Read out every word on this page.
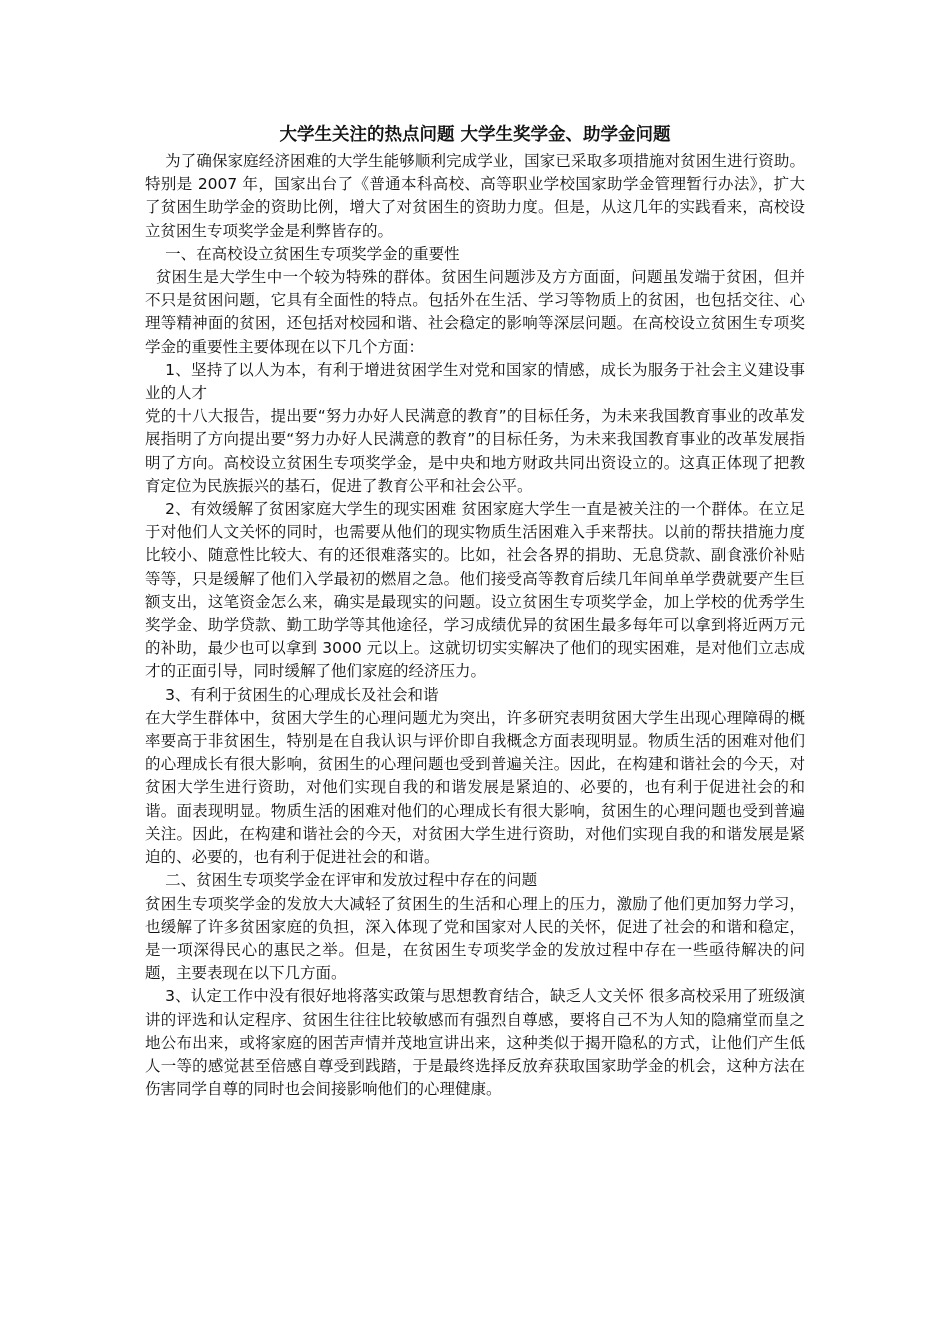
大学生关注的热点问题 大学生奖学金、助学金问题

为了确保家庭经济困难的大学生能够顺利完成学业，国家已采取多项措施对贫困生进行资助。特别是 2007 年，国家出台了《普通本科高校、高等职业学校国家助学金管理暂行办法》，扩大了贫困生助学金的资助比例，增大了对贫困生的资助力度。但是，从这几年的实践看来，高校设立贫困生专项奖学金是利弊皆存的。

一、在高校设立贫困生专项奖学金的重要性

贫困生是大学生中一个较为特殊的群体。贫困生问题涉及方方面面，问题虽发端于贫困，但并不只是贫困问题，它具有全面性的特点。包括外在生活、学习等物质上的贫困，也包括交往、心理等精神面的贫困，还包括对校园和谐、社会稳定的影响等深层问题。在高校设立贫困生专项奖学金的重要性主要体现在以下几个方面：

1、坚持了以人为本，有利于增进贫困学生对党和国家的情感，成长为服务于社会主义建设事业的人才

党的十八大报告，提出要“努力办好人民满意的教育”的目标任务，为未来我国教育事业的改革发展指明了方向提出要“努力办好人民满意的教育”的目标任务，为未来我国教育事业的改革发展指明了方向。高校设立贫困生专项奖学金，是中央和地方财政共同出资设立的。这真正体现了把教育定位为民族振兴的基石，促进了教育公平和社会公平。

2、有效缓解了贫困家庭大学生的现实困难 贫困家庭大学生一直是被关注的一个群体。在立足于对他们人文关怀的同时，也需要从他们的现实物质生活困难入手来帮扶。以前的帮扶措施力度比较小、随意性比较大、有的还很难落实的。比如，社会各界的捐助、无息贷款、副食涨价补贴等等，只是缓解了他们入学最初的燃眉之急。他们接受高等教育后续几年间单单学费就要产生巨额支出，这笔资金怎么来，确实是最现实的问题。设立贫困生专项奖学金，加上学校的优秀学生奖学金、助学贷款、勤工助学等其他途径，学习成绩优异的贫困生最多每年可以拿到将近两万元的补助，最少也可以拿到 3000 元以上。这就切切实实解决了他们的现实困难，是对他们立志成才的正面引导，同时缓解了他们家庭的经济压力。

3、有利于贫困生的心理成长及社会和谐

在大学生群体中，贫困大学生的心理问题尤为突出，许多研究表明贫困大学生出现心理障碍的概率要高于非贫困生，特别是在自我认识与评价即自我概念方面表现明显。物质生活的困难对他们的心理成长有很大影响，贫困生的心理问题也受到普遍关注。因此，在构建和谐社会的今天，对贫困大学生进行资助，对他们实现自我的和谐发展是紧迫的、必要的，也有利于促进社会的和谐。面表现明显。物质生活的困难对他们的心理成长有很大影响，贫困生的心理问题也受到普遍关注。因此，在构建和谐社会的今天，对贫困大学生进行资助，对他们实现自我的和谐发展是紧迫的、必要的，也有利于促进社会的和谐。

二、贫困生专项奖学金在评审和发放过程中存在的问题

贫困生专项奖学金的发放大大减轻了贫困生的生活和心理上的压力，激励了他们更加努力学习，也缓解了许多贫困家庭的负担，深入体现了党和国家对人民的关怀，促进了社会的和谐和稳定，是一项深得民心的惠民之举。但是，在贫困生专项奖学金的发放过程中存在一些亟待解决的问题，主要表现在以下几方面。

3、认定工作中没有很好地将落实政策与思想教育结合，缺乏人文关怀 很多高校采用了班级演讲的评选和认定程序、贫困生往往比较敏感而有强烈自尊感，要将自己不为人知的隐痛堂而皇之地公布出来，或将家庭的困苦声情并茂地宣讲出来，这种类似于揭开隐私的方式，让他们产生低人一等的感觉甚至倍感自尊受到践踏，于是最终选择反放弃获取国家助学金的机会，这种方法在伤害同学自尊的同时也会间接影响他们的心理健康。
